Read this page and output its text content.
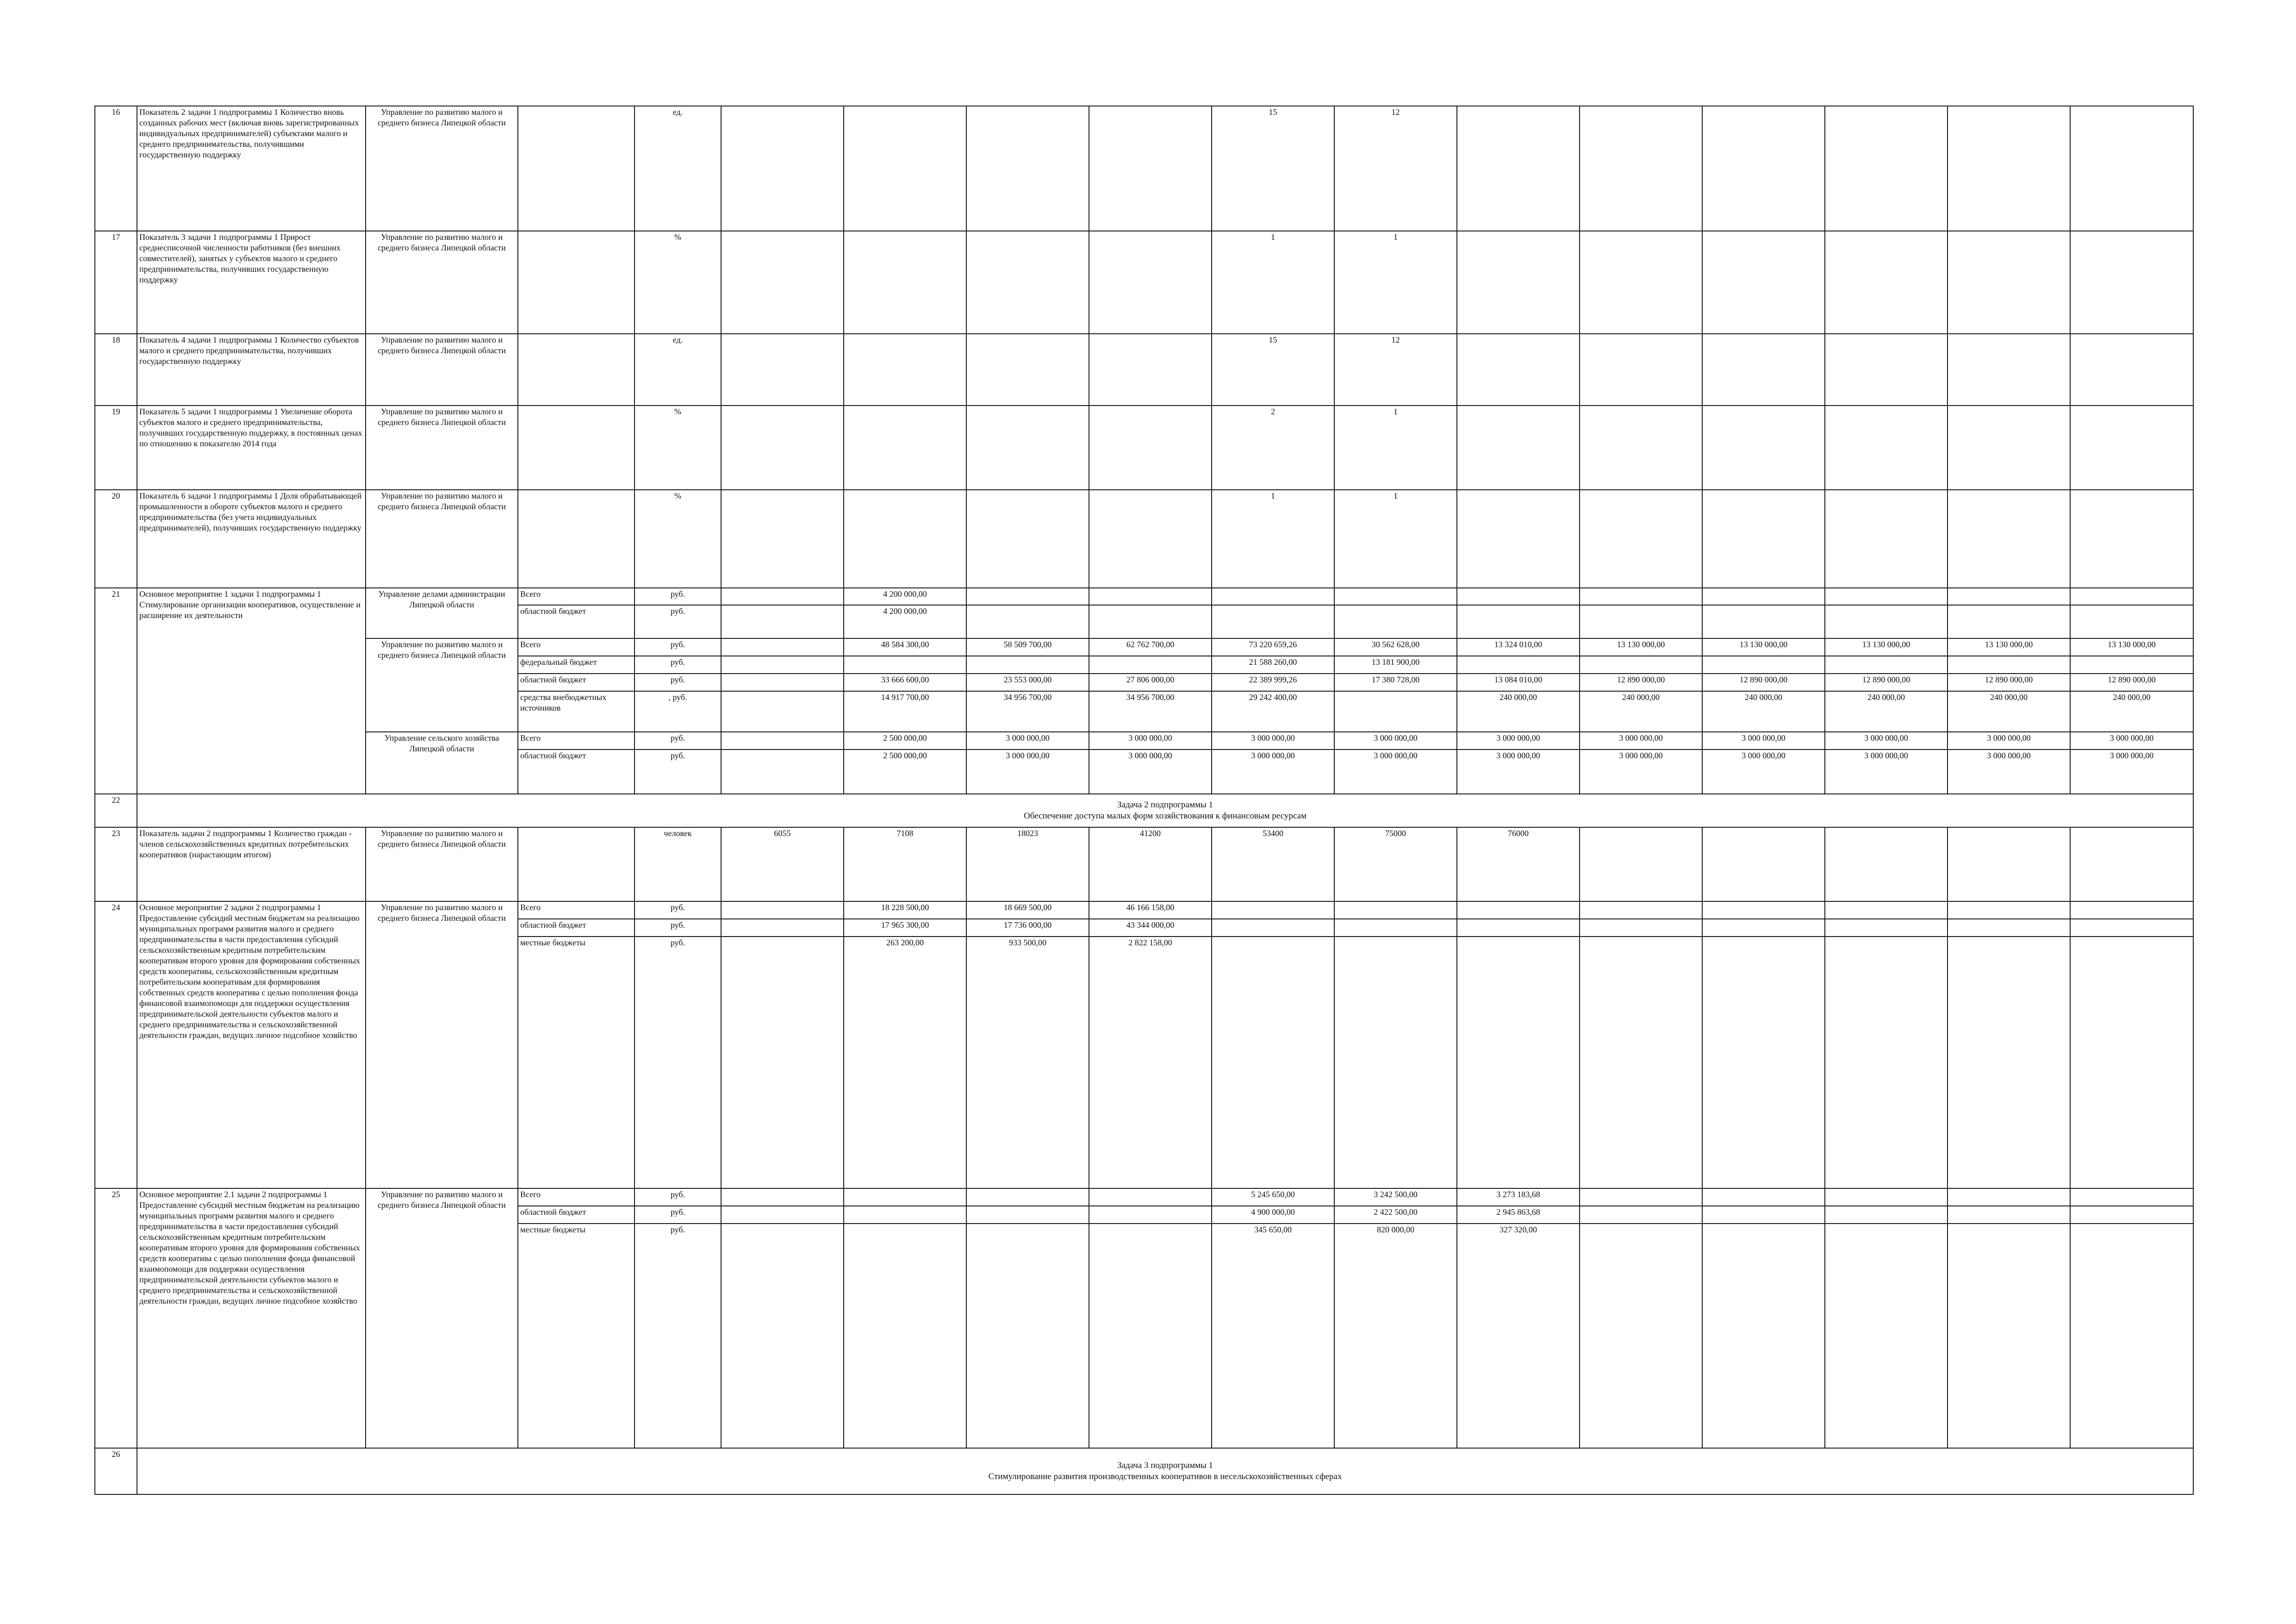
16	Показатель 2 задачи 1 подпрограммы 1 Количество вновь созданных рабочих мест (включая вновь зарегистрированных индивидуальных предпринимателей) субъектами малого и среднего предпринимательства, получившими государственную поддержку	Управление по развитию малого и среднего бизнеса Липецкой области		ед.					15	12						
17	Показатель 3 задачи 1 подпрограммы 1 Прирост среднесписочной численности работников (без внешних совместителей), занятых у субъектов малого и среднего предпринимательства, получивших государственную поддержку	Управление по развитию малого и среднего бизнеса Липецкой области		%					1	1						
18	Показатель 4 задачи 1 подпрограммы 1 Количество субъектов малого и среднего предпринимательства, получивших государственную поддержку	Управление по развитию малого и среднего бизнеса Липецкой области		ед.					15	12						
19	Показатель 5 задачи 1 подпрограммы 1 Увеличение оборота субъектов малого и среднего предпринимательства, получивших государственную поддержку, в постоянных ценах по отношению к показателю 2014 года	Управление по развитию малого и среднего бизнеса Липецкой области		%					2	1						
20	Показатель 6 задачи 1 подпрограммы 1 Доля обрабатывающей промышленности в обороте субъектов малого и среднего предпринимательства (без учета индивидуальных предпринимателей), получивших государственную поддержку	Управление по развитию малого и среднего бизнеса Липецкой области		%					1	1						
21	Основное мероприятие 1 задачи 1 подпрограммы 1 Стимулирование организации кооперативов, осуществление и расширение их деятельности	Управление делами администрации Липецкой области	Всего	руб.		4 200 000,00										
			областной бюджет	руб.		4 200 000,00										
		Управление по развитию малого и среднего бизнеса Липецкой области	Всего	руб.		48 584 300,00	58 509 700,00	62 762 700,00	73 220 659,26	30 562 628,00	13 324 010,00	13 130 000,00	13 130 000,00	13 130 000,00	13 130 000,00	13 130 000,00
			федеральный бюджет	руб.					21 588 260,00	13 181 900,00						
			областной бюджет	руб.		33 666 600,00	23 553 000,00	27 806 000,00	22 389 999,26	17 380 728,00	13 084 010,00	12 890 000,00	12 890 000,00	12 890 000,00	12 890 000,00	12 890 000,00
			средства внебюджетных источников	, руб.		14 917 700,00	34 956 700,00	34 956 700,00	29 242 400,00		240 000,00	240 000,00	240 000,00	240 000,00	240 000,00	240 000,00
		Управление сельского хозяйства Липецкой области	Всего	руб.		2 500 000,00	3 000 000,00	3 000 000,00	3 000 000,00	3 000 000,00	3 000 000,00	3 000 000,00	3 000 000,00	3 000 000,00	3 000 000,00	3 000 000,00
			областной бюджет	руб.		2 500 000,00	3 000 000,00	3 000 000,00	3 000 000,00	3 000 000,00	3 000 000,00	3 000 000,00	3 000 000,00	3 000 000,00	3 000 000,00	3 000 000,00
22	Задача 2 подпрограммы 1
Обеспечение доступа малых форм хозяйствования к финансовым ресурсам															

23	Показатель задачи 2 подпрограммы 1 Количество граждан - членов сельскохозяйственных кредитных потребительских кооперативов (нарастающим итогом)	Управление по развитию малого и среднего бизнеса Липецкой области		человек	6055	7108	18023	41200	53400	75000	76000					
24	Основное мероприятие 2 задачи 2 подпрограммы 1 Предоставление субсидий местным бюджетам на реализацию муниципальных программ развития малого и среднего предпринимательства в части предоставления субсидий сельскохозяйственным кредитным потребительским кооперативам второго уровня для формирования собственных средств кооператива, сельскохозяйственным кредитным потребительским кооперативам для формирования собственных средств кооператива с целью пополнения фонда финансовой взаимопомощи для поддержки осуществления предпринимательской деятельности субъектов малого и среднего предпринимательства и сельскохозяйственной деятельности граждан, ведущих личное подсобное хозяйство	Управление по развитию малого и среднего бизнеса Липецкой области	Всего	руб.		18 228 500,00	18 669 500,00	46 166 158,00								
			областной бюджет	руб.		17 965 300,00	17 736 000,00	43 344 000,00								
			местные бюджеты	руб.		263 200,00	933 500,00	2 822 158,00								
25	Основное мероприятие 2.1 задачи 2 подпрограммы 1 Предоставление субсидий местным бюджетам на реализацию муниципальных программ развития малого и среднего предпринимательства в части предоставления субсидий сельскохозяйственным кредитным потребительским кооперативам второго уровня для формирования собственных средств кооператива с целью пополнения фонда финансовой взаимопомощи для поддержки осуществления предпринимательской деятельности субъектов малого и среднего предпринимательства и сельскохозяйственной деятельности граждан, ведущих личное подсобное хозяйство	Управление по развитию малого и среднего бизнеса Липецкой области	Всего	руб.					5 245 650,00	3 242 500,00	3 273 183,68					
			областной бюджет	руб.					4 900 000,00	2 422 500,00	2 945 863,68					
			местные бюджеты	руб.					345 650,00	820 000,00	327 320,00					
26	Задача 3 подпрограммы 1
Стимулирование развития производственных кооперативов в несельскохозяйственных сферах															
